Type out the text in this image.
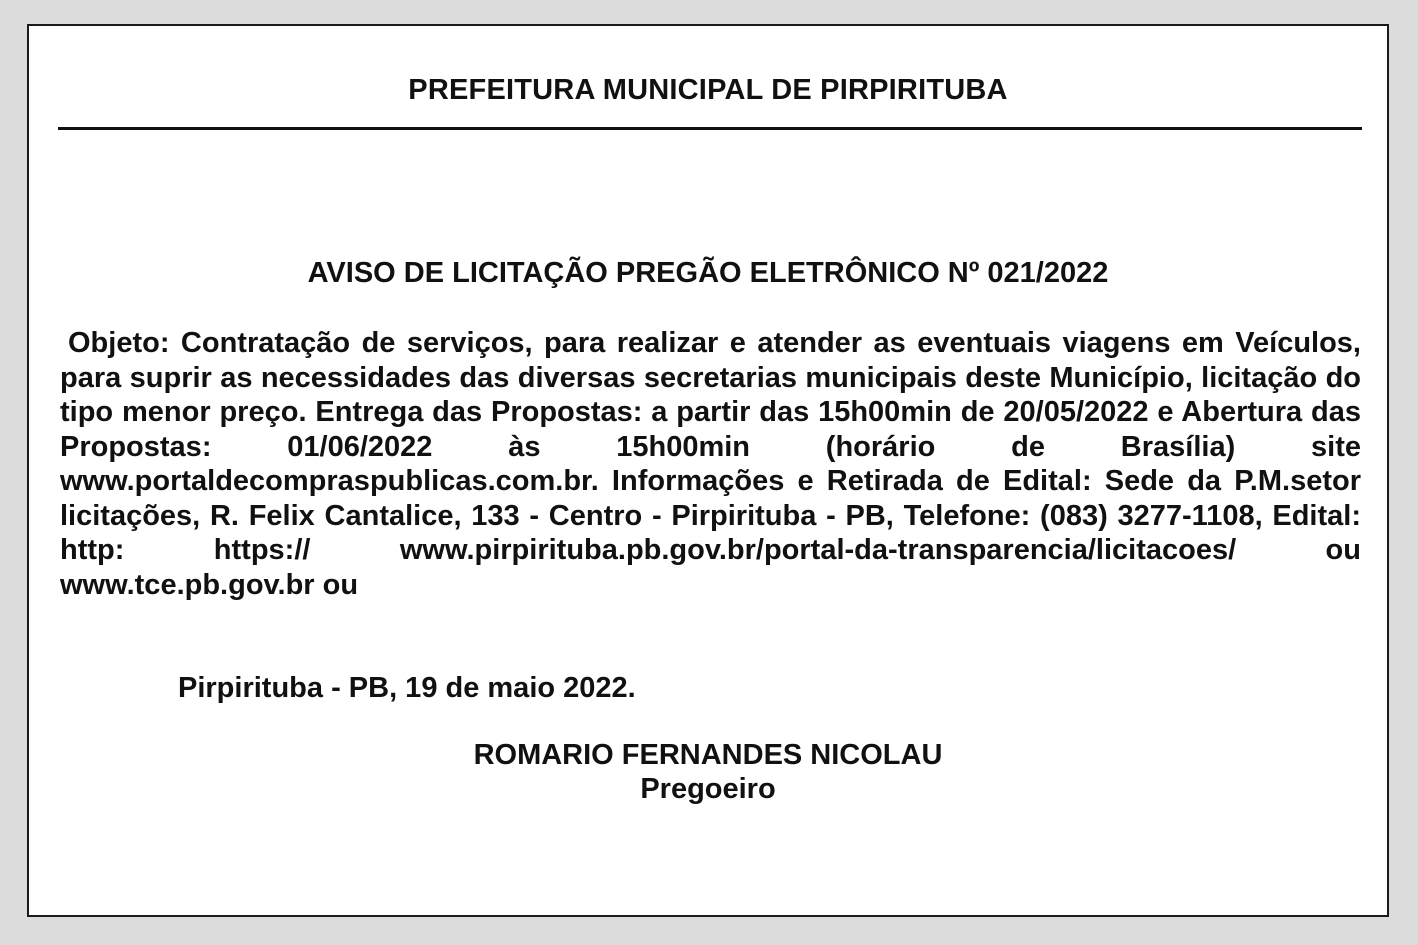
PREFEITURA MUNICIPAL DE PIRPIRITUBA
AVISO DE LICITAÇÃO PREGÃO ELETRÔNICO Nº 021/2022
Objeto: Contratação de serviços, para realizar e atender as eventuais viagens em Veículos, para suprir as necessidades das diversas secretarias municipais deste Município, licitação do tipo menor preço. Entrega das Propostas: a partir das 15h00min de 20/05/2022 e Abertura das Propostas: 01/06/2022 às 15h00min (horário de Brasília) site www.portaldecompraspublicas.com.br. Informações e Retirada de Edital: Sede da P.M.setor licitações, R. Felix Cantalice, 133 - Centro - Pirpirituba - PB, Telefone: (083) 3277-1108, Edital: http: https:// www.pirpirituba.pb.gov.br/portal-da-transparencia/licitacoes/ ou www.tce.pb.gov.br ou
Pirpirituba - PB, 19 de maio 2022.
ROMARIO FERNANDES NICOLAU
Pregoeiro
